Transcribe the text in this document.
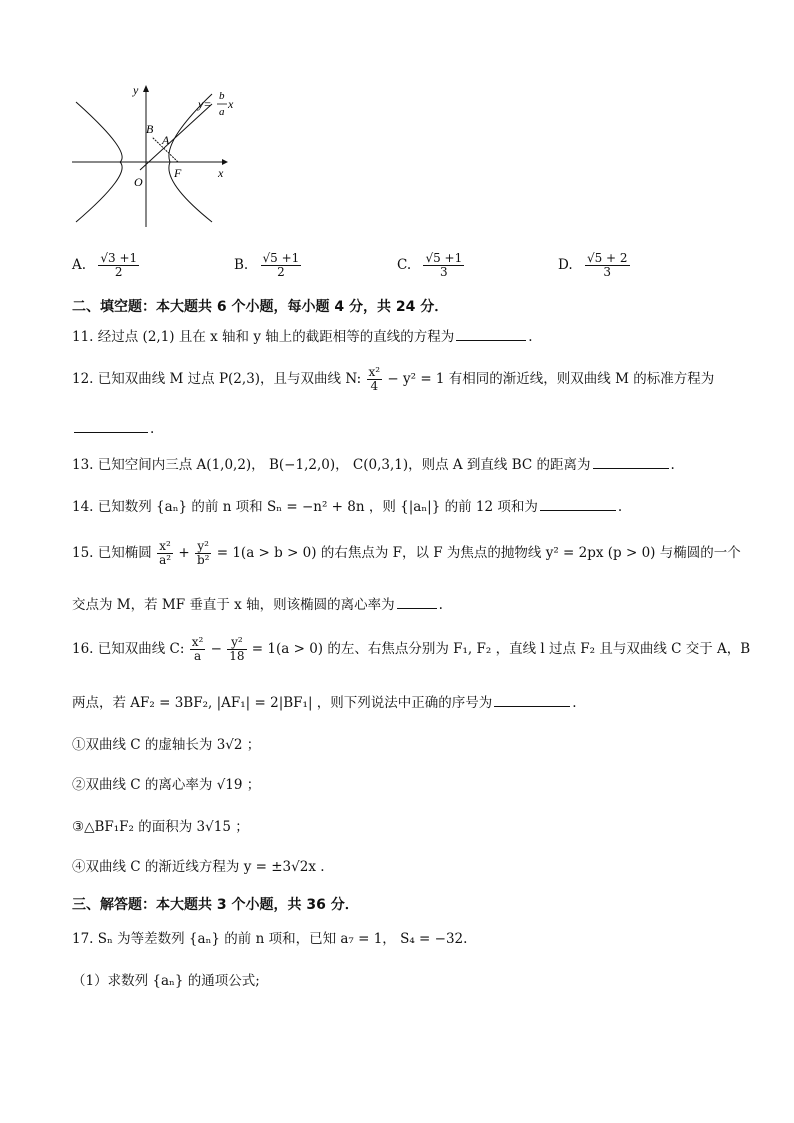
x
y
y=
b
a
x
B
A
O
F
A. $\frac{√3 +1}{2}$	B. $\frac{√5 +1}{2}$	C. $\frac{√5 +1}{3}$	D. $\frac{√5 + 2}{3}$
二、填空题：本大题共 6 个小题，每小题 4 分，共 24 分．
11. 经过点 (2,1) 且在 x 轴和 y 轴上的截距相等的直线的方程为	.
12. 已知双曲线 M 过点 P(2,3)，且与双曲线 N: $\frac{\text{x²}}{4} - y^2 = 1$ 有相同的渐近线，则双曲线 M 的标准方程为
.
13. 已知空间内三点 A(1,0,2)， B(−1,2,0)， C(0,3,1)，则点 A 到直线 BC 的距离为	.
14. 已知数列 {aₙ} 的前 n 项和 Sₙ = −n² + 8n ，则 {|aₙ|} 的前 12 项和为	.
15. 已知椭圆 $\frac{\text{x²}}{\text{a²}} + \frac{\text{y²}}{\text{b²}} = 1(a > b > 0)$ 的右焦点为 F，以 F 为焦点的抛物线 y² = 2px (p > 0) 与椭圆的一个
交点为 M，若 MF 垂直于 x 轴，则该椭圆的离心率为	.
16. 已知双曲线 C: $\frac{\text{x²}}{a} - \frac{\text{y²}}{18} = 1(a > 0)$ 的左、右焦点分别为 F₁, F₂ ，直线 l 过点 F₂ 且与双曲线 C 交于 A，B
两点，若 AF₂ = 3BF₂, |AF₁| = 2|BF₁| ，则下列说法中正确的序号为	.
①双曲线 C 的虚轴长为 3√2 ；
②双曲线 C 的离心率为 √19 ；
③△BF₁F₂ 的面积为 3√15 ；
④双曲线 C 的渐近线方程为 y = ±3√2x .
三、解答题：本大题共 3 个小题，共 36 分．
17. Sₙ 为等差数列 {aₙ} 的前 n 项和，已知 a₇ = 1， S₄ = −32.
（1）求数列 {aₙ} 的通项公式;
